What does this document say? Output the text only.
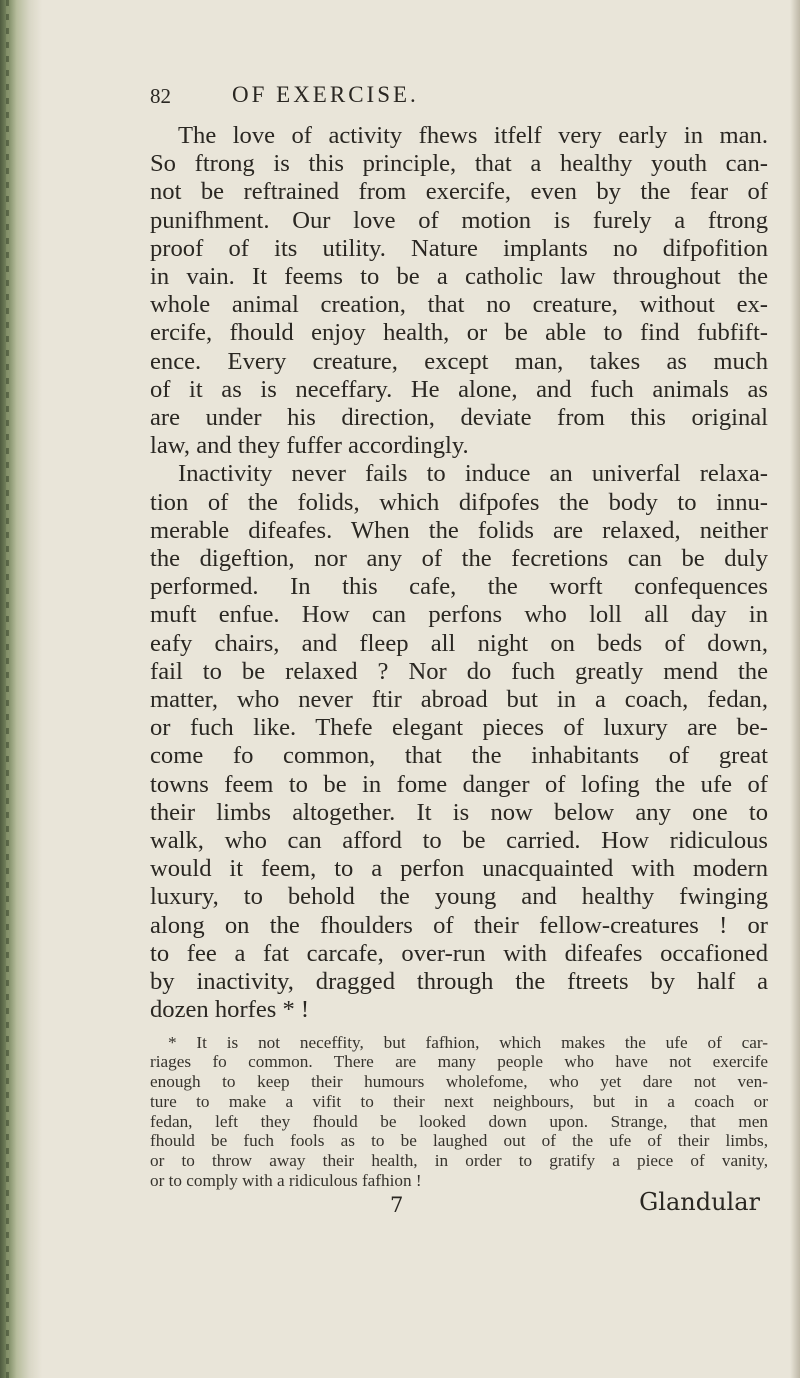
82	OF EXERCISE.
The love of activity fhews itfelf very early in man.
So ftrong is this principle, that a healthy youth can-
not be reftrained from exercife, even by the fear of
punifhment. Our love of motion is furely a ftrong
proof of its utility. Nature implants no difpofition
in vain. It feems to be a catholic law throughout the
whole animal creation, that no creature, without ex-
ercife, fhould enjoy health, or be able to find fubfift-
ence. Every creature, except man, takes as much
of it as is neceffary. He alone, and fuch animals as
are under his direction, deviate from this original
law, and they fuffer accordingly.
Inactivity never fails to induce an univerfal relaxa-
tion of the folids, which difpofes the body to innu-
merable difeafes. When the folids are relaxed, neither
the digeftion, nor any of the fecretions can be duly
performed. In this cafe, the worft confequences
muft enfue. How can perfons who loll all day in
eafy chairs, and fleep all night on beds of down,
fail to be relaxed ? Nor do fuch greatly mend the
matter, who never ftir abroad but in a coach, fedan,
or fuch like. Thefe elegant pieces of luxury are be-
come fo common, that the inhabitants of great
towns feem to be in fome danger of lofing the ufe of
their limbs altogether. It is now below any one to
walk, who can afford to be carried. How ridiculous
would it feem, to a perfon unacquainted with modern
luxury, to behold the young and healthy fwinging
along on the fhoulders of their fellow-creatures ! or
to fee a fat carcafe, over-run with difeafes occafioned
by inactivity, dragged through the ftreets by half a
dozen horfes * !
* It is not neceffity, but fafhion, which makes the ufe of car-
riages fo common. There are many people who have not exercife
enough to keep their humours wholefome, who yet dare not ven-
ture to make a vifit to their next neighbours, but in a coach or
fedan, left they fhould be looked down upon. Strange, that men
fhould be fuch fools as to be laughed out of the ufe of their limbs,
or to throw away their health, in order to gratify a piece of vanity,
or to comply with a ridiculous fafhion !
7	Glandular
